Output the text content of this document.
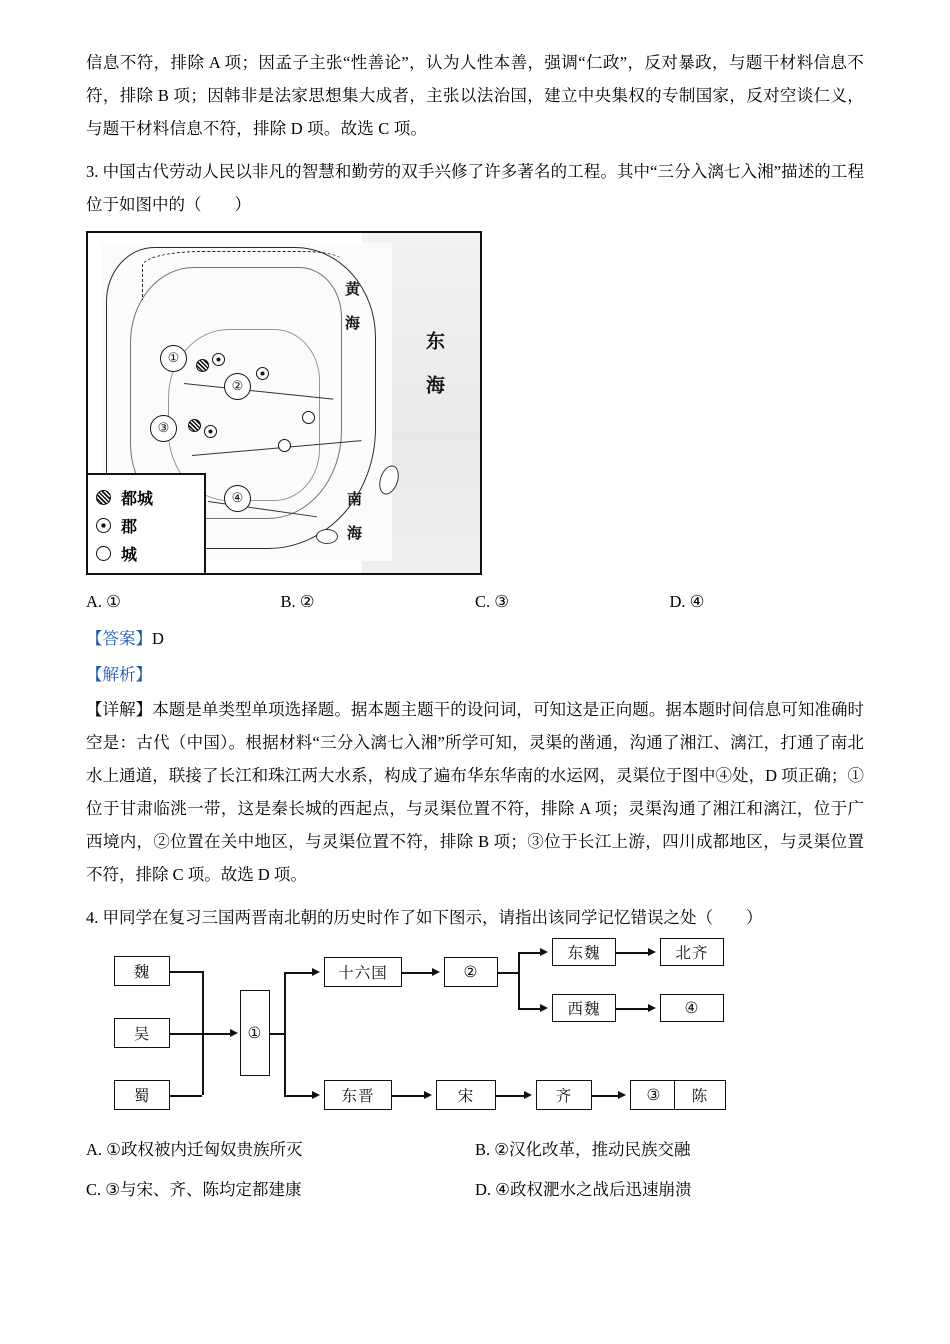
信息不符，排除 A 项；因孟子主张“性善论”，认为人性本善，强调“仁政”，反对暴政，与题干材料信息不符，排除 B 项；因韩非是法家思想集大成者，主张以法治国，建立中央集权的专制国家，反对空谈仁义，与题干材料信息不符，排除 D 项。故选 C 项。

3. 中国古代劳动人民以非凡的智慧和勤劳的双手兴修了许多著名的工程。其中“三分入漓七入湘”描述的工程位于如图中的（　　）

①
②
③
④
东　海
黄　海
南　海
都城
郡
城
A. ①	B. ②	C. ③	D. ④

【答案】D

【解析】

【详解】本题是单类型单项选择题。据本题主题干的设问词，可知这是正向题。据本题时间信息可知准确时空是：古代（中国）。根据材料“三分入漓七入湘”所学可知，灵渠的凿通，沟通了湘江、漓江，打通了南北水上通道，联接了长江和珠江两大水系，构成了遍布华东华南的水运网，灵渠位于图中④处，D 项正确；①位于甘肃临洮一带，这是秦长城的西起点，与灵渠位置不符，排除 A 项；灵渠沟通了湘江和漓江，位于广西境内，②位置在关中地区，与灵渠位置不符，排除 B 项；③位于长江上游，四川成都地区，与灵渠位置不符，排除 C 项。故选 D 项。

4. 甲同学在复习三国两晋南北朝的历史时作了如下图示，请指出该同学记忆错误之处（　　）

魏
吴
蜀
①
十六国	②
东魏
西魏
北齐
④
东晋	宋	齐	③	陈
A. ①政权被内迁匈奴贵族所灭	B. ②汉化改革，推动民族交融
C. ③与宋、齐、陈均定都建康	D. ④政权淝水之战后迅速崩溃
